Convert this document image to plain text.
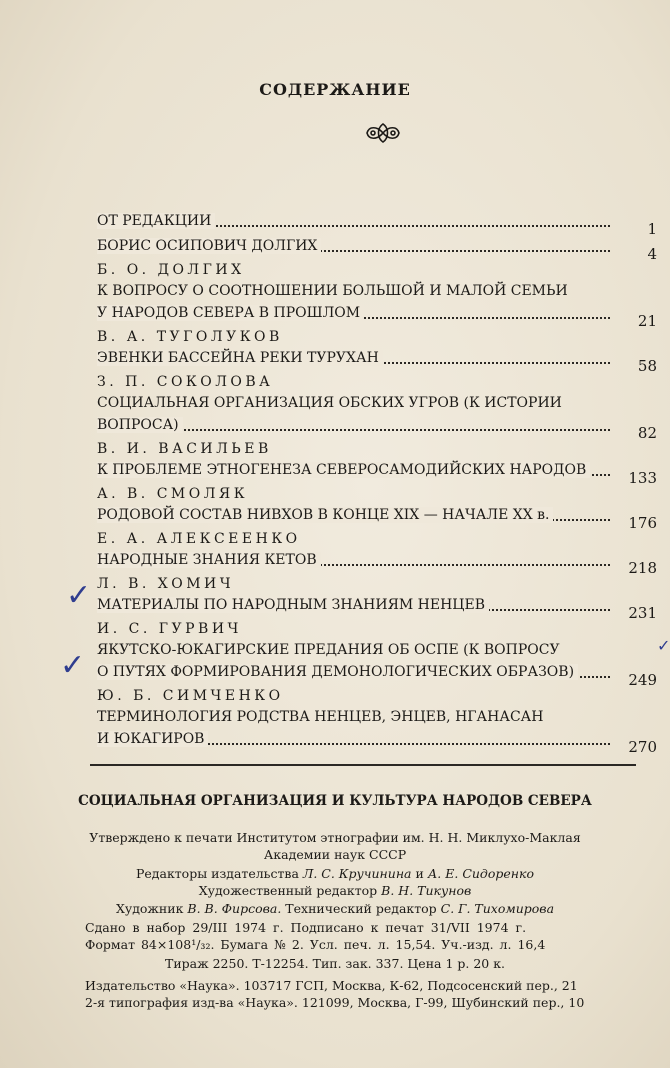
СОДЕРЖАНИЕ
ОТ РЕДАКЦИИ	1
БОРИС ОСИПОВИЧ ДОЛГИХ	4
Б. О. ДОЛГИХ
К ВОПРОСУ О СООТНОШЕНИИ БОЛЬШОЙ И МАЛОЙ СЕМЬИ
У НАРОДОВ СЕВЕРА В ПРОШЛОМ	21
В. А. ТУГОЛУКОВ
ЭВЕНКИ БАССЕЙНА РЕКИ ТУРУХАН	58
З. П. СОКОЛОВА
СОЦИАЛЬНАЯ ОРГАНИЗАЦИЯ ОБСКИХ УГРОВ (К ИСТОРИИ
ВОПРОСА)	82
В. И. ВАСИЛЬЕВ
К ПРОБЛЕМЕ ЭТНОГЕНЕЗА СЕВЕРОСАМОДИЙСКИХ НАРОДОВ	133
А. В. СМОЛЯК
РОДОВОЙ СОСТАВ НИВХОВ В КОНЦЕ XIX — НАЧАЛЕ XX в.	176
Е. А. АЛЕКСЕЕНКО
НАРОДНЫЕ ЗНАНИЯ КЕТОВ	218
Л. В. ХОМИЧ
МАТЕРИАЛЫ ПО НАРОДНЫМ ЗНАНИЯМ НЕНЦЕВ	231
И. С. ГУРВИЧ
ЯКУТСКО-ЮКАГИРСКИЕ ПРЕДАНИЯ ОБ ОСПЕ (К ВОПРОСУ
О ПУТЯХ ФОРМИРОВАНИЯ ДЕМОНОЛОГИЧЕСКИХ ОБРАЗОВ)	249
Ю. Б. СИМЧЕНКО
ТЕРМИНОЛОГИЯ РОДСТВА НЕНЦЕВ, ЭНЦЕВ, НГАНАСАН
И ЮКАГИРОВ	270
✓
✓
✓
СОЦИАЛЬНАЯ ОРГАНИЗАЦИЯ И КУЛЬТУРА НАРОДОВ СЕВЕРА
Утверждено к печати Институтом этнографии им. Н. Н. Миклухо-Маклая
Академии наук СССР
Редакторы издательства Л. С. Кручинина и А. Е. Сидоренко
Художественный редактор В. Н. Тикунов
Художник В. В. Фирсова. Технический редактор С. Г. Тихомирова
Сдано в набор 29/III 1974 г. Подписано к печат 31/VII 1974 г.
Формат 84×108¹/₃₂. Бумага № 2. Усл. печ. л. 15,54. Уч.-изд. л. 16,4
Тираж 2250. Т-12254. Тип. зак. 337. Цена 1 р. 20 к.
Издательство «Наука». 103717 ГСП, Москва, К-62, Подсосенский пер., 21
2-я типография изд-ва «Наука». 121099, Москва, Г-99, Шубинский пер., 10
